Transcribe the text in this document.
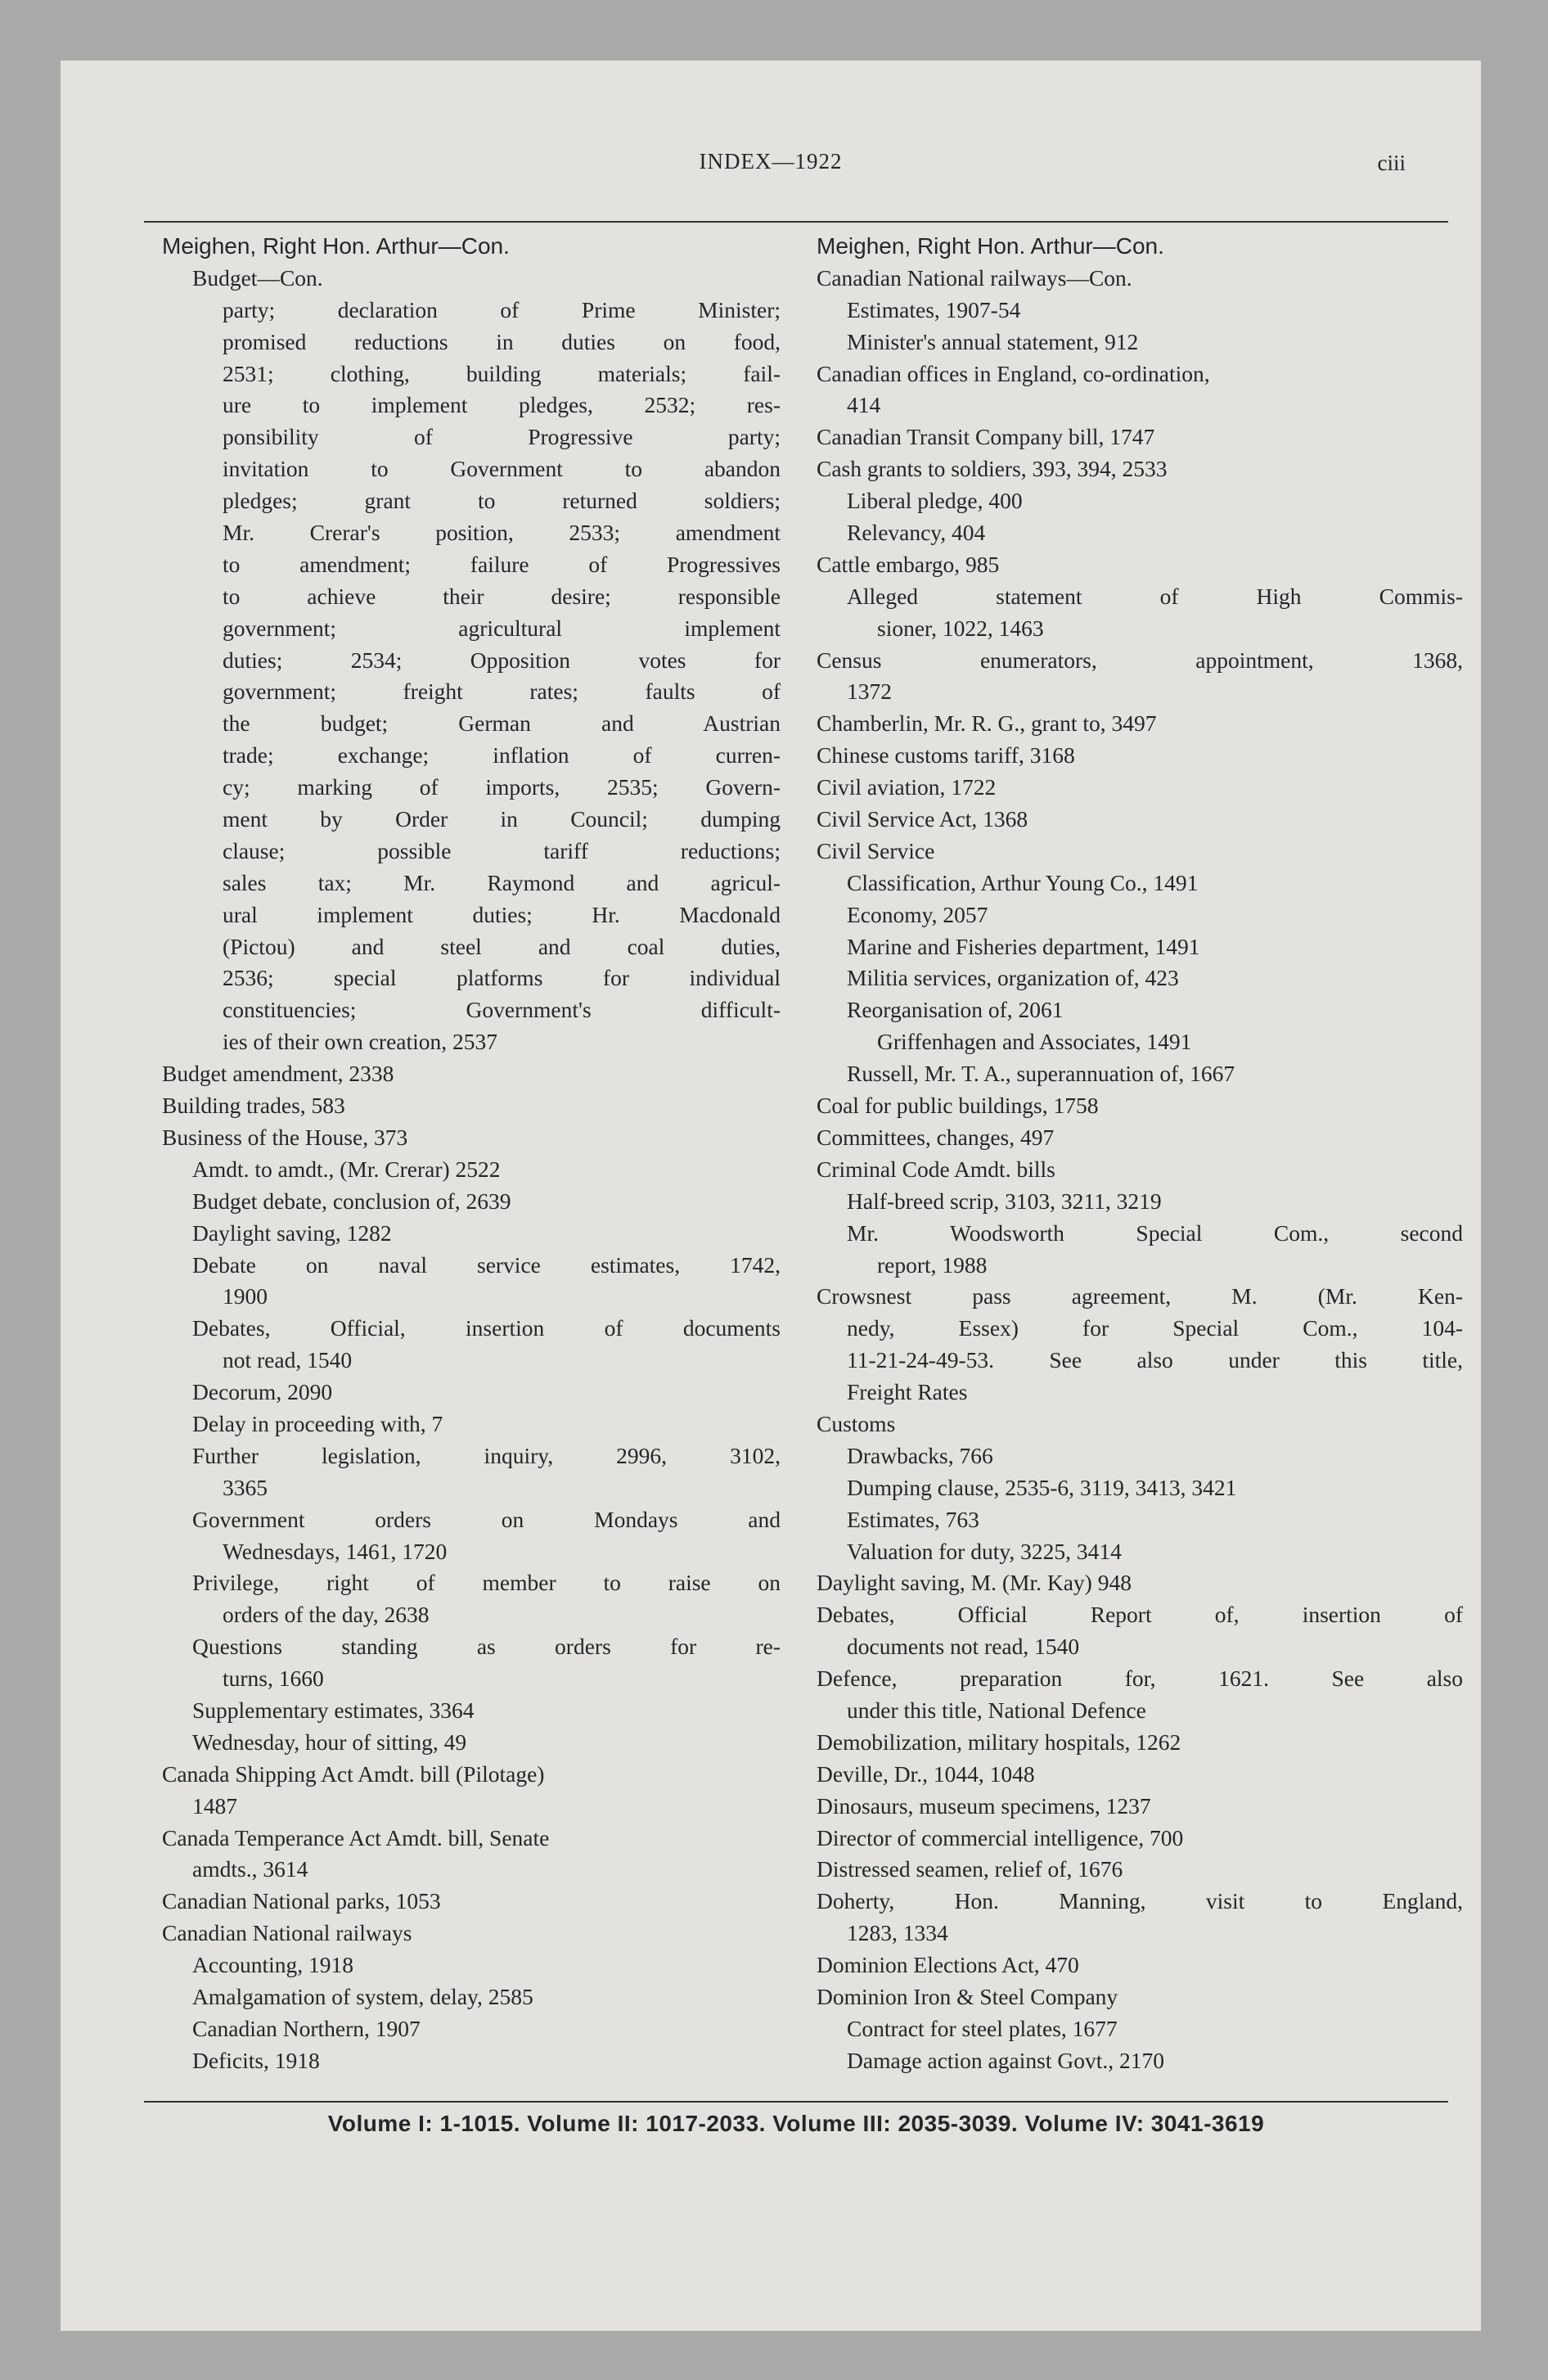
INDEX—1922	ciii
Meighen, Right Hon. Arthur—Con.
Budget—Con.
party; declaration of Prime Minister;
promised reductions in duties on food,
2531; clothing, building materials; fail-
ure to implement pledges, 2532; res-
ponsibility of Progressive party;
invitation to Government to abandon
pledges; grant to returned soldiers;
Mr. Crerar's position, 2533; amendment
to amendment; failure of Progressives
to achieve their desire; responsible
government; agricultural implement
duties; 2534; Opposition votes for
government; freight rates; faults of
the budget; German and Austrian
trade; exchange; inflation of curren-
cy; marking of imports, 2535; Govern-
ment by Order in Council; dumping
clause; possible tariff reductions;
sales tax; Mr. Raymond and agricul-
ural implement duties; Hr. Macdonald
(Pictou) and steel and coal duties,
2536; special platforms for individual
constituencies; Government's difficult-
ies of their own creation, 2537
Budget amendment, 2338
Building trades, 583
Business of the House, 373
Amdt. to amdt., (Mr. Crerar) 2522
Budget debate, conclusion of, 2639
Daylight saving, 1282
Debate on naval service estimates, 1742,
1900
Debates, Official, insertion of documents
not read, 1540
Decorum, 2090
Delay in proceeding with, 7
Further legislation, inquiry, 2996, 3102,
3365
Government orders on Mondays and
Wednesdays, 1461, 1720
Privilege, right of member to raise on
orders of the day, 2638
Questions standing as orders for re-
turns, 1660
Supplementary estimates, 3364
Wednesday, hour of sitting, 49
Canada Shipping Act Amdt. bill (Pilotage)
1487
Canada Temperance Act Amdt. bill, Senate
amdts., 3614
Canadian National parks, 1053
Canadian National railways
Accounting, 1918
Amalgamation of system, delay, 2585
Canadian Northern, 1907
Deficits, 1918
Meighen, Right Hon. Arthur—Con.
Canadian National railways—Con.
Estimates, 1907-54
Minister's annual statement, 912
Canadian offices in England, co-ordination,
414
Canadian Transit Company bill, 1747
Cash grants to soldiers, 393, 394, 2533
Liberal pledge, 400
Relevancy, 404
Cattle embargo, 985
Alleged statement of High Commis-
sioner, 1022, 1463
Census enumerators, appointment, 1368,
1372
Chamberlin, Mr. R. G., grant to, 3497
Chinese customs tariff, 3168
Civil aviation, 1722
Civil Service Act, 1368
Civil Service
Classification, Arthur Young Co., 1491
Economy, 2057
Marine and Fisheries department, 1491
Militia services, organization of, 423
Reorganisation of, 2061
Griffenhagen and Associates, 1491
Russell, Mr. T. A., superannuation of, 1667
Coal for public buildings, 1758
Committees, changes, 497
Criminal Code Amdt. bills
Half-breed scrip, 3103, 3211, 3219
Mr. Woodsworth Special Com., second
report, 1988
Crowsnest pass agreement, M. (Mr. Ken-
nedy, Essex) for Special Com., 104-
11-21-24-49-53. See also under this title,
Freight Rates
Customs
Drawbacks, 766
Dumping clause, 2535-6, 3119, 3413, 3421
Estimates, 763
Valuation for duty, 3225, 3414
Daylight saving, M. (Mr. Kay) 948
Debates, Official Report of, insertion of
documents not read, 1540
Defence, preparation for, 1621. See also
under this title, National Defence
Demobilization, military hospitals, 1262
Deville, Dr., 1044, 1048
Dinosaurs, museum specimens, 1237
Director of commercial intelligence, 700
Distressed seamen, relief of, 1676
Doherty, Hon. Manning, visit to England,
1283, 1334
Dominion Elections Act, 470
Dominion Iron & Steel Company
Contract for steel plates, 1677
Damage action against Govt., 2170
Volume I: 1-1015. Volume II: 1017-2033. Volume III: 2035-3039. Volume IV: 3041-3619
